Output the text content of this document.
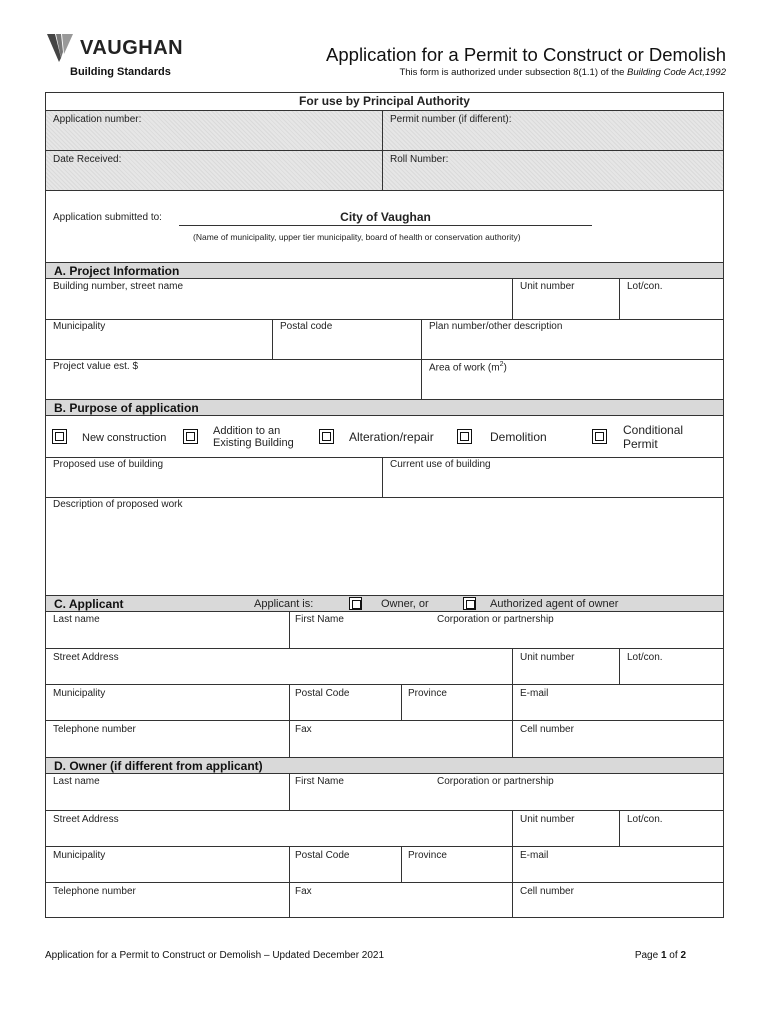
VAUGHAN
Building Standards
Application for a Permit to Construct or Demolish
This form is authorized under subsection 8(1.1) of the Building Code Act,1992
For use by Principal Authority
Application number:	Permit number (if different):
Date Received:	Roll Number:
Application submitted to:	City of Vaughan
(Name of municipality, upper tier municipality, board of health or conservation authority)
A. Project Information
Building number, street name	Unit number	Lot/con.
Municipality	Postal code	Plan number/other description
Project value est. $	Area of work $(m^2)$
B. Purpose of application
New construction
Addition to an
Existing Building	Alteration/repair	Demolition	Conditional
Permit
Proposed use of building	Current use of building
Description of proposed work
C. Applicant	Applicant is:	Owner, or	Authorized agent of owner
Last name	First Name	Corporation or partnership
Street Address	Unit number	Lot/con.
Municipality	Postal Code	Province	E-mail
Telephone number	Fax	Cell number
D. Owner (if different from applicant)
Last name	First Name	Corporation or partnership
Street Address	Unit number	Lot/con.
Municipality	Postal Code	Province	E-mail
Telephone number	Fax	Cell number
Application for a Permit to Construct or Demolish – Updated December 2021	Page 1 of 2
